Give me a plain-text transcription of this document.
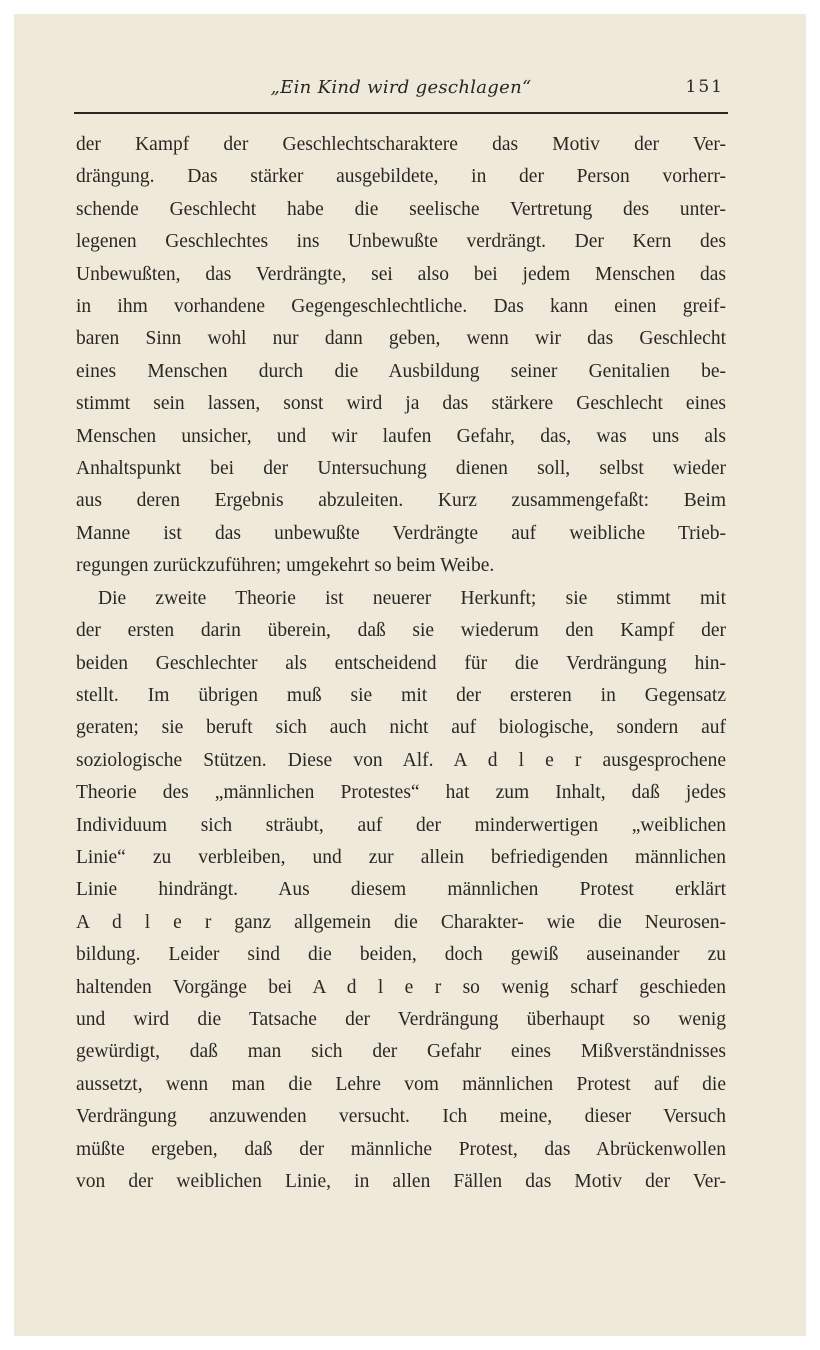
„Ein Kind wird geschlagen“	151
der Kampf der Geschlechtscharaktere das Motiv der Ver-
drängung. Das stärker ausgebildete, in der Person vorherr-
schende Geschlecht habe die seelische Vertretung des unter-
legenen Geschlechtes ins Unbewußte verdrängt. Der Kern des
Unbewußten, das Verdrängte, sei also bei jedem Menschen das
in ihm vorhandene Gegengeschlechtliche. Das kann einen greif-
baren Sinn wohl nur dann geben, wenn wir das Geschlecht
eines Menschen durch die Ausbildung seiner Genitalien be-
stimmt sein lassen, sonst wird ja das stärkere Geschlecht eines
Menschen unsicher, und wir laufen Gefahr, das, was uns als
Anhaltspunkt bei der Untersuchung dienen soll, selbst wieder
aus deren Ergebnis abzuleiten. Kurz zusammengefaßt: Beim
Manne ist das unbewußte Verdrängte auf weibliche Trieb-
regungen zurückzuführen; umgekehrt so beim Weibe.
Die zweite Theorie ist neuerer Herkunft; sie stimmt mit
der ersten darin überein, daß sie wiederum den Kampf der
beiden Geschlechter als entscheidend für die Verdrängung hin-
stellt. Im übrigen muß sie mit der ersteren in Gegensatz
geraten; sie beruft sich auch nicht auf biologische, sondern auf
soziologische Stützen. Diese von Alf. A d l e r ausgesprochene
Theorie des „männlichen Protestes“ hat zum Inhalt, daß jedes
Individuum sich sträubt, auf der minderwertigen „weiblichen
Linie“ zu verbleiben, und zur allein befriedigenden männlichen
Linie hindrängt. Aus diesem männlichen Protest erklärt
A d l e r ganz allgemein die Charakter- wie die Neurosen-
bildung. Leider sind die beiden, doch gewiß auseinander zu
haltenden Vorgänge bei A d l e r so wenig scharf geschieden
und wird die Tatsache der Verdrängung überhaupt so wenig
gewürdigt, daß man sich der Gefahr eines Mißverständnisses
aussetzt, wenn man die Lehre vom männlichen Protest auf die
Verdrängung anzuwenden versucht. Ich meine, dieser Versuch
müßte ergeben, daß der männliche Protest, das Abrückenwollen
von der weiblichen Linie, in allen Fällen das Motiv der Ver-
